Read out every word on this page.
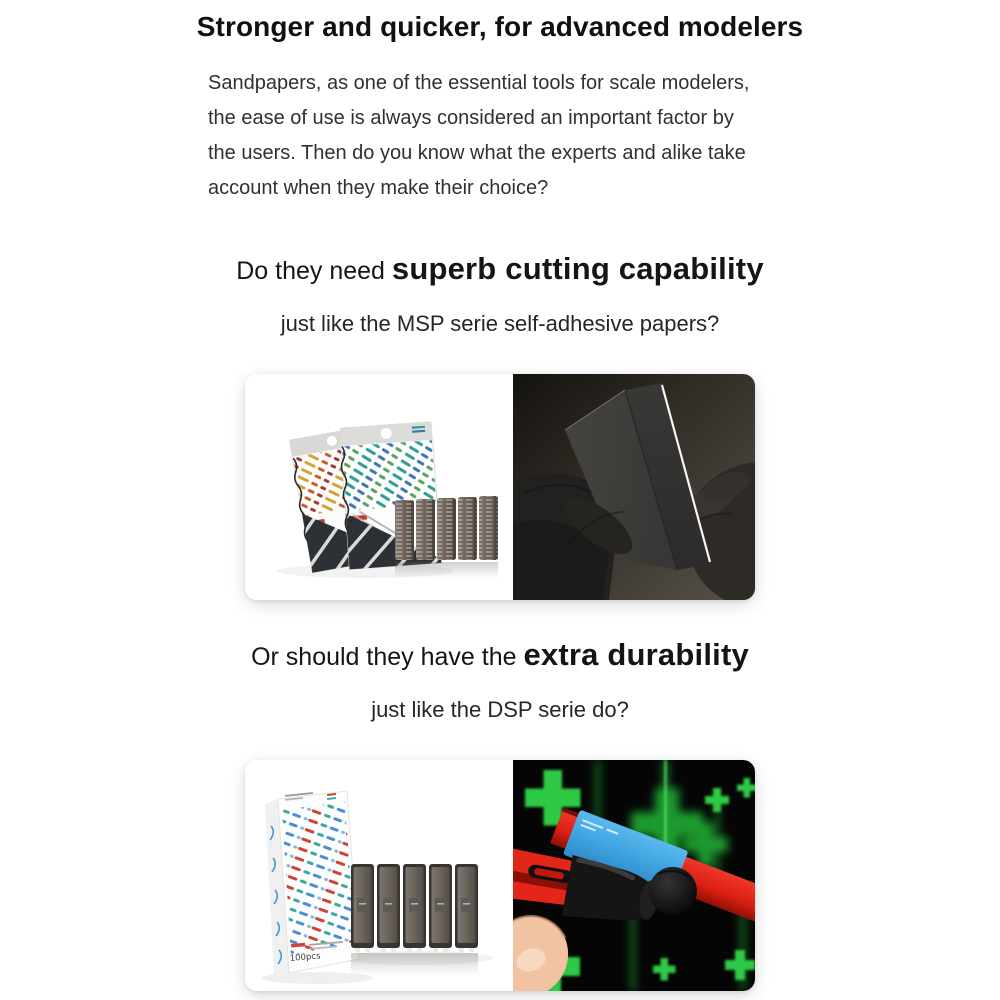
Stronger and quicker, for advanced modelers
Sandpapers, as one of the essential tools for scale modelers,
the ease of use is always considered an important factor by
the users. Then do you know what the experts and alike take
account when they make their choice?
Do they need superb cutting capability
just like the MSP serie self-adhesive papers?
Or should they have the extra durability
just like the DSP serie do?
100pcs
